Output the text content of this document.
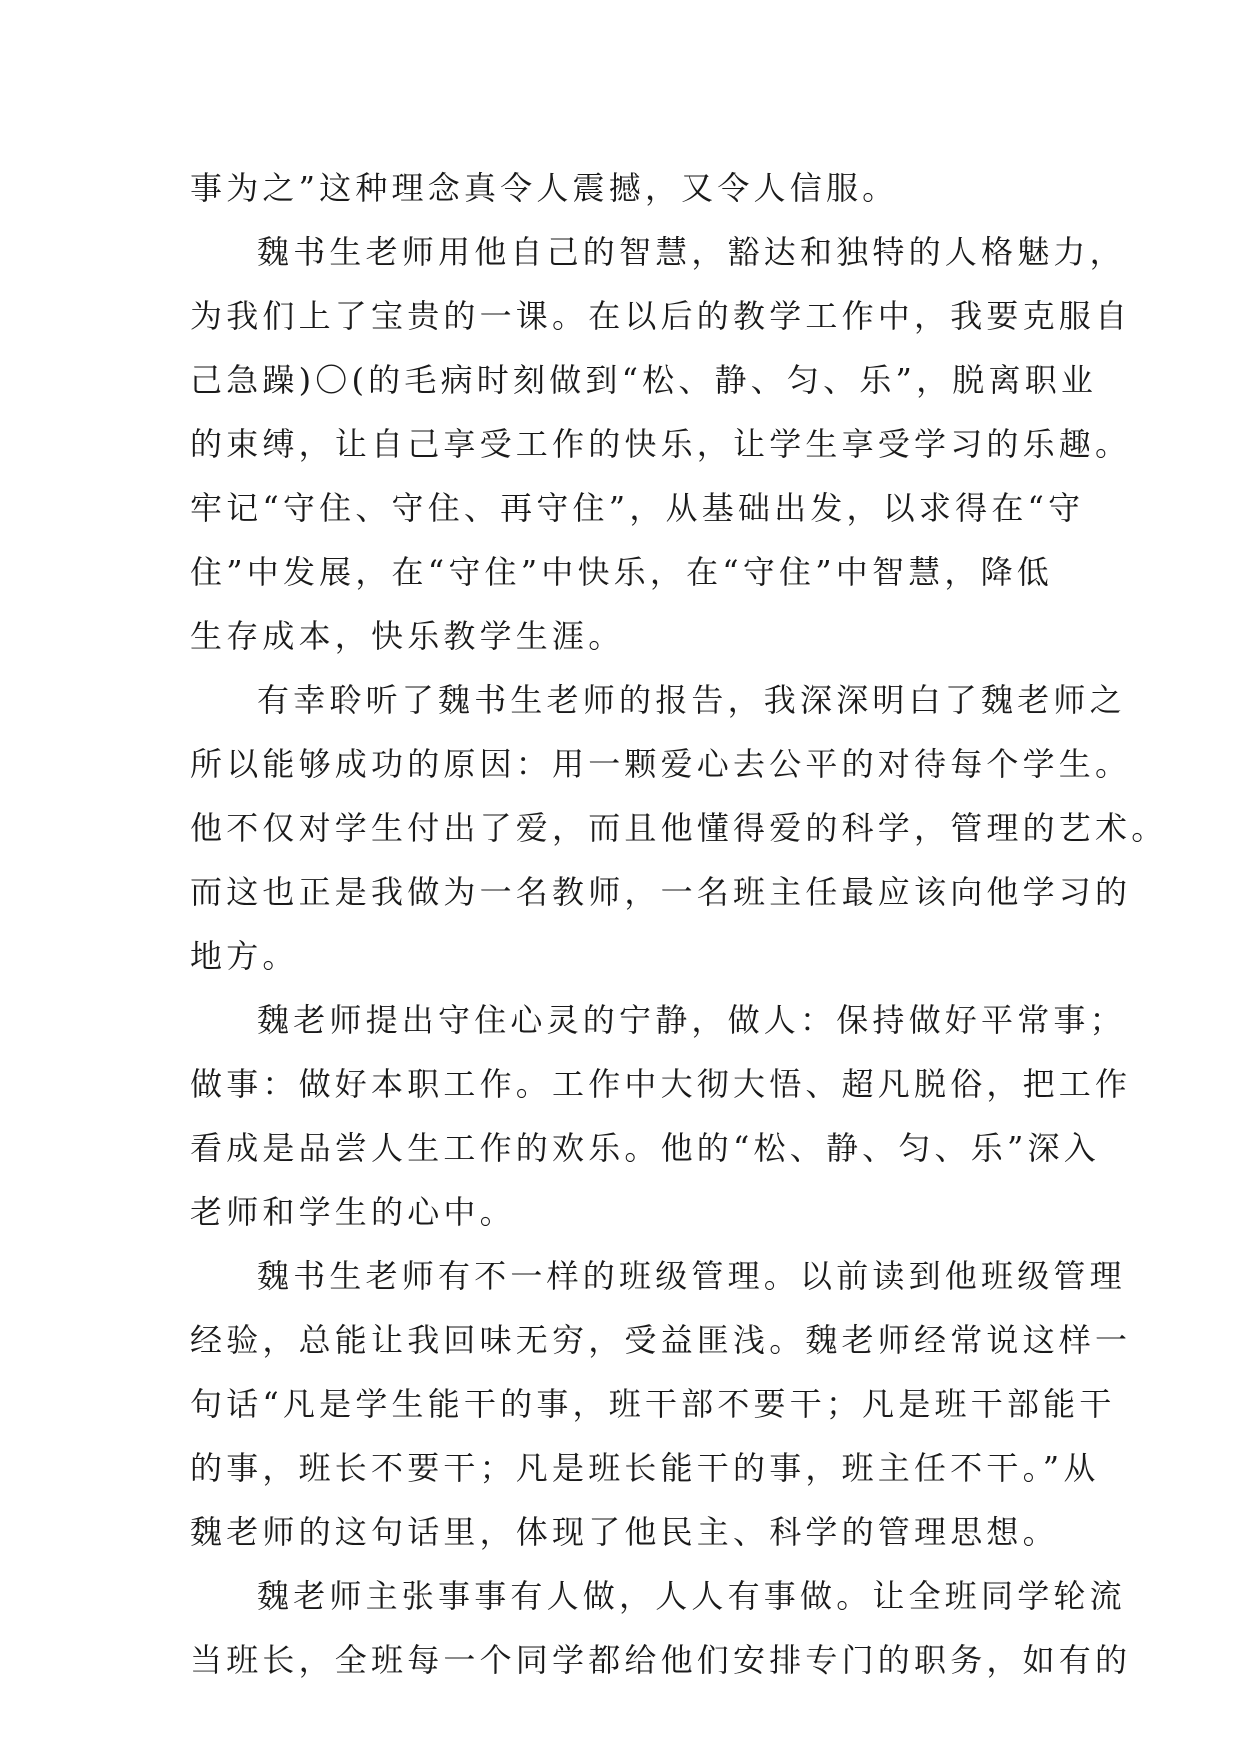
事为之”这种理念真令人震撼，又令人信服。
魏书生老师用他自己的智慧，豁达和独特的人格魅力，
为我们上了宝贵的一课。在以后的教学工作中，我要克服自
己急躁)〇(的毛病时刻做到“松、静、匀、乐”，脱离职业
的束缚，让自己享受工作的快乐，让学生享受学习的乐趣。
牢记“守住、守住、再守住”，从基础出发，以求得在“守
住”中发展，在“守住”中快乐，在“守住”中智慧，降低
生存成本，快乐教学生涯。
有幸聆听了魏书生老师的报告，我深深明白了魏老师之
所以能够成功的原因：用一颗爱心去公平的对待每个学生。
他不仅对学生付出了爱，而且他懂得爱的科学，管理的艺术。
而这也正是我做为一名教师，一名班主任最应该向他学习的
地方。
魏老师提出守住心灵的宁静，做人：保持做好平常事；
做事：做好本职工作。工作中大彻大悟、超凡脱俗，把工作
看成是品尝人生工作的欢乐。他的“松、静、匀、乐”深入
老师和学生的心中。
魏书生老师有不一样的班级管理。以前读到他班级管理
经验，总能让我回味无穷，受益匪浅。魏老师经常说这样一
句话“凡是学生能干的事，班干部不要干；凡是班干部能干
的事，班长不要干；凡是班长能干的事，班主任不干。”从
魏老师的这句话里，体现了他民主、科学的管理思想。
魏老师主张事事有人做，人人有事做。让全班同学轮流
当班长，全班每一个同学都给他们安排专门的职务，如有的
